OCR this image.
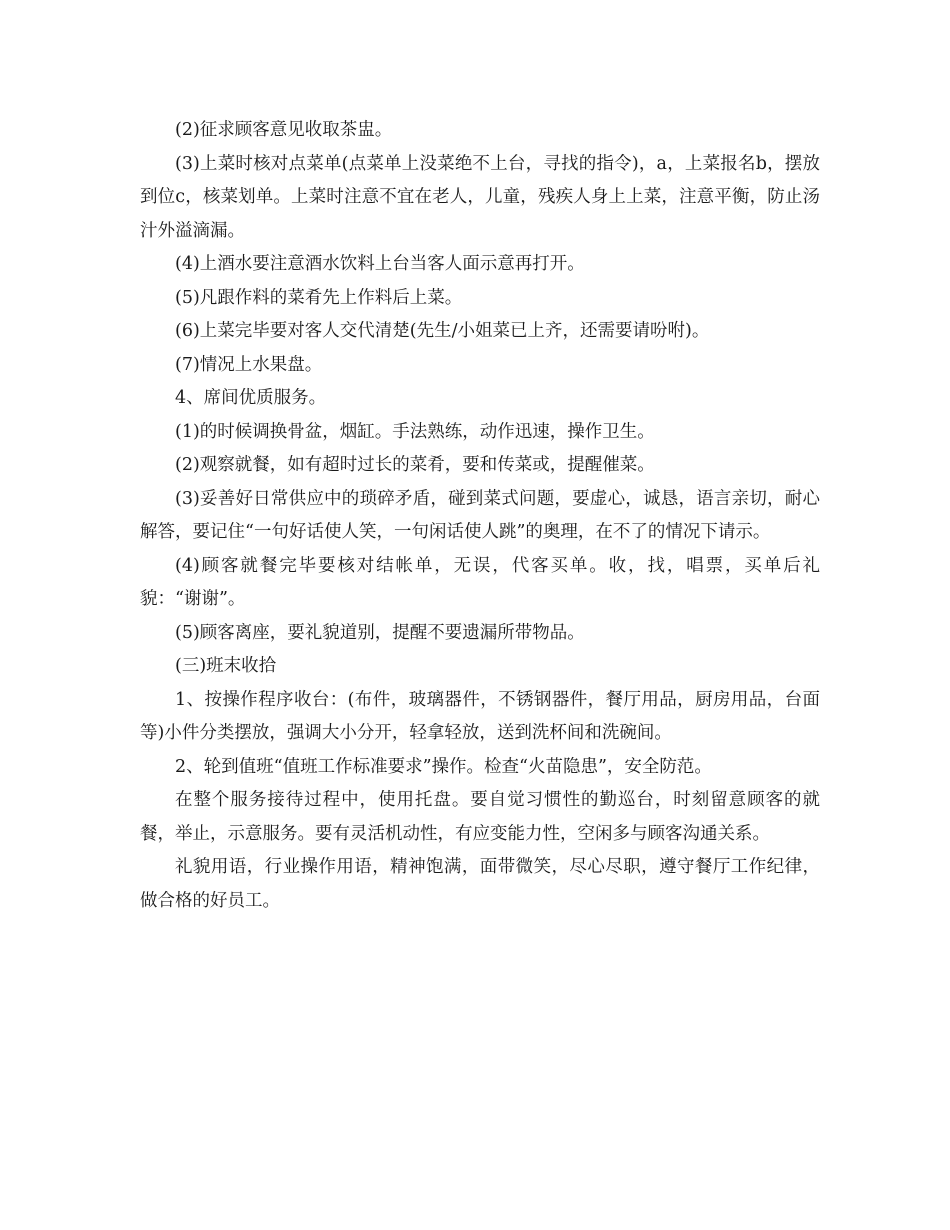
(2)征求顾客意见收取茶盅。

(3)上菜时核对点菜单(点菜单上没菜绝不上台，寻找的指令)，a，上菜报名b，摆放到位c，核菜划单。上菜时注意不宜在老人，儿童，残疾人身上上菜，注意平衡，防止汤汁外溢滴漏。

(4)上酒水要注意酒水饮料上台当客人面示意再打开。

(5)凡跟作料的菜肴先上作料后上菜。

(6)上菜完毕要对客人交代清楚(先生/小姐菜已上齐，还需要请吩咐)。

(7)情况上水果盘。

4、席间优质服务。

(1)的时候调换骨盆，烟缸。手法熟练，动作迅速，操作卫生。

(2)观察就餐，如有超时过长的菜肴，要和传菜或，提醒催菜。

(3)妥善好日常供应中的琐碎矛盾，碰到菜式问题，要虚心，诚恳，语言亲切，耐心解答，要记住“一句好话使人笑，一句闲话使人跳”的奥理，在不了的情况下请示。

(4)顾客就餐完毕要核对结帐单，无误，代客买单。收，找，唱票，买单后礼貌：“谢谢”。

(5)顾客离座，要礼貌道别，提醒不要遗漏所带物品。

(三)班末收拾

1、按操作程序收台：(布件，玻璃器件，不锈钢器件，餐厅用品，厨房用品，台面等)小件分类摆放，强调大小分开，轻拿轻放，送到洗杯间和洗碗间。

2、轮到值班“值班工作标准要求”操作。检查“火苗隐患”，安全防范。

在整个服务接待过程中，使用托盘。要自觉习惯性的勤巡台，时刻留意顾客的就餐，举止，示意服务。要有灵活机动性，有应变能力性，空闲多与顾客沟通关系。

礼貌用语，行业操作用语，精神饱满，面带微笑，尽心尽职，遵守餐厅工作纪律，做合格的好员工。
